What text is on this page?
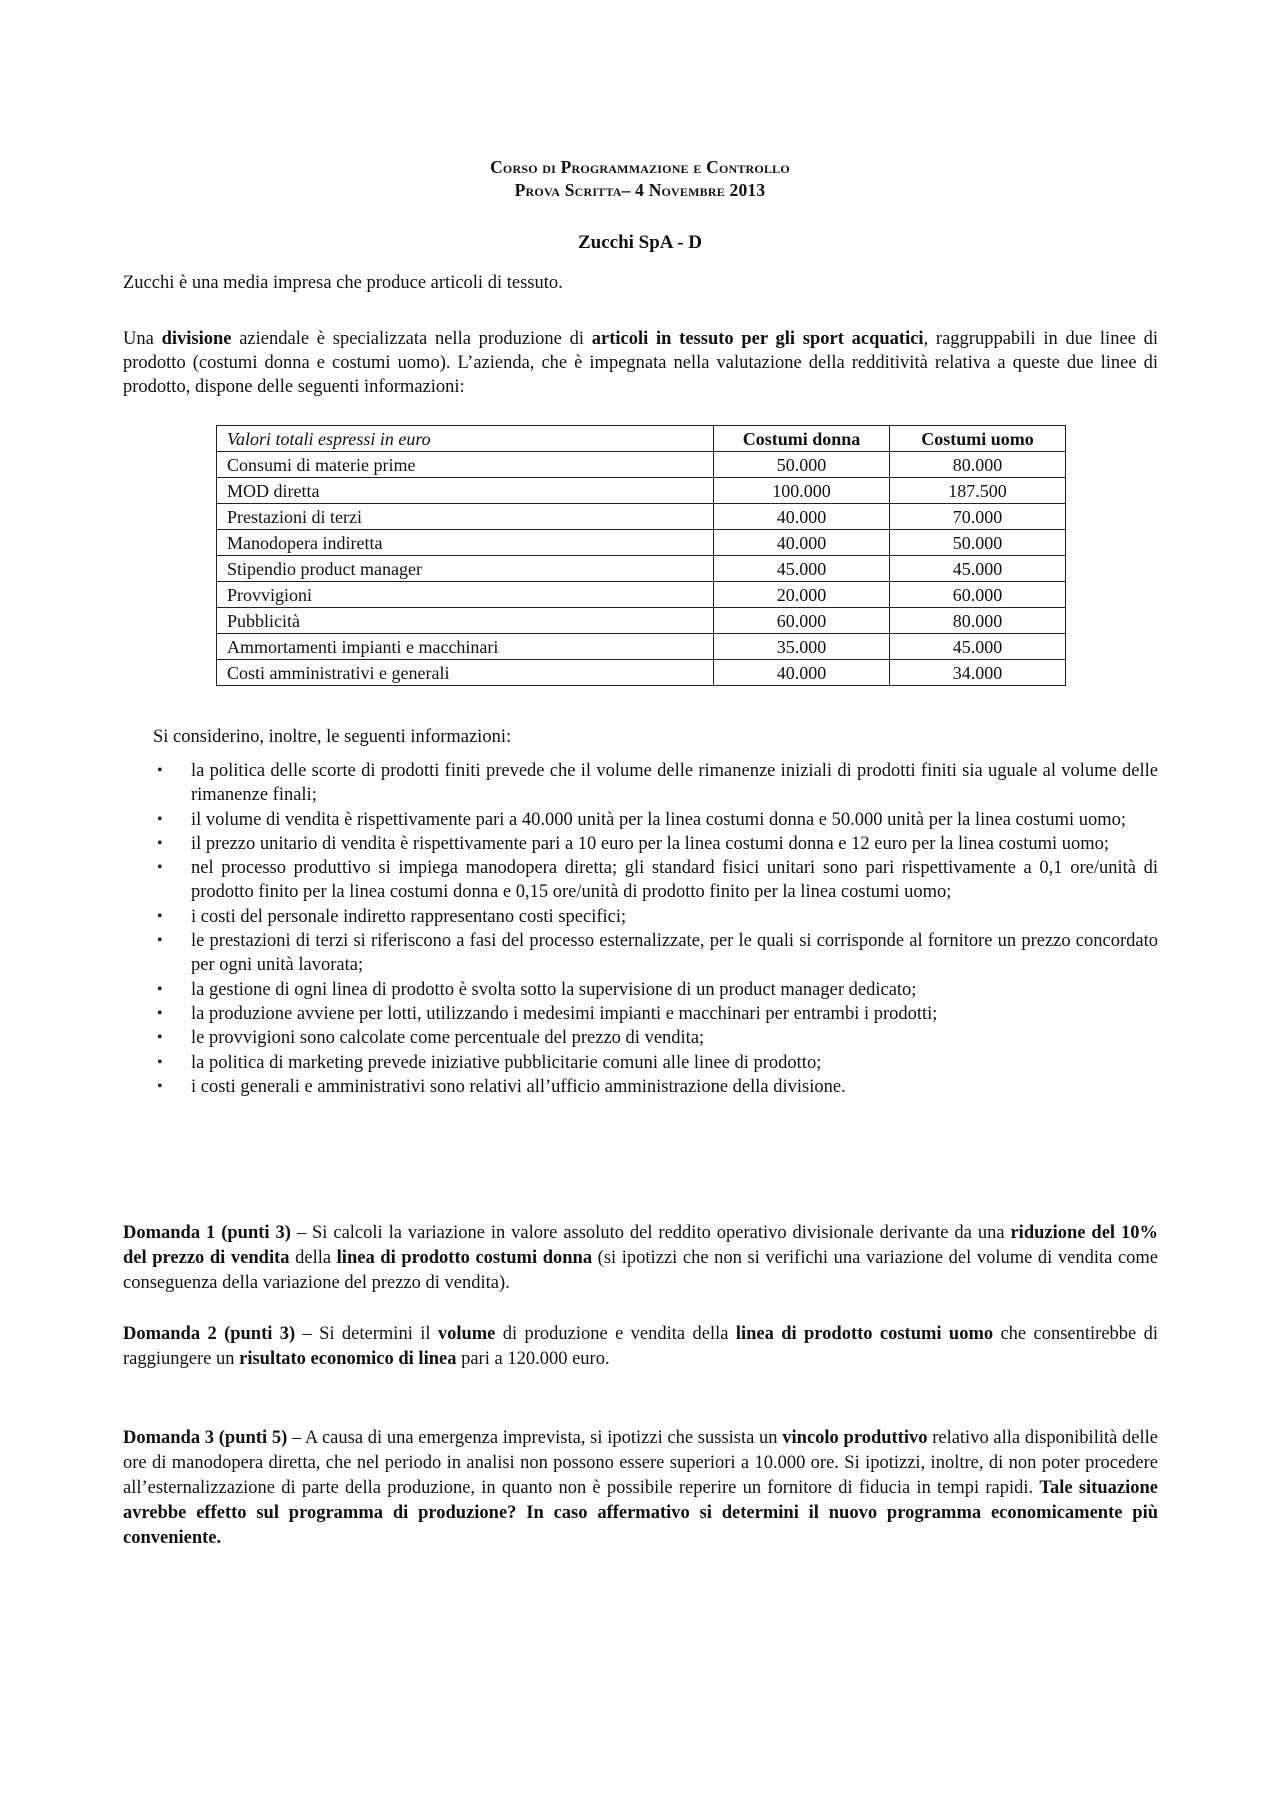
Corso di Programmazione e Controllo
Prova Scritta– 4 Novembre 2013
Zucchi SpA - D
Zucchi è una media impresa che produce articoli di tessuto.
Una divisione aziendale è specializzata nella produzione di articoli in tessuto per gli sport acquatici, raggruppabili in due linee di prodotto (costumi donna e costumi uomo). L’azienda, che è impegnata nella valutazione della redditività relativa a queste due linee di prodotto, dispone delle seguenti informazioni:
Valori totali espressi in euro	Costumi donna	Costumi uomo
Consumi di materie prime	50.000	80.000
MOD diretta	100.000	187.500
Prestazioni di terzi	40.000	70.000
Manodopera indiretta	40.000	50.000
Stipendio product manager	45.000	45.000
Provvigioni	20.000	60.000
Pubblicità	60.000	80.000
Ammortamenti impianti e macchinari	35.000	45.000
Costi amministrativi e generali	40.000	34.000
Si considerino, inoltre, le seguenti informazioni:
• la politica delle scorte di prodotti finiti prevede che il volume delle rimanenze iniziali di prodotti finiti sia uguale al volume delle rimanenze finali;
• il volume di vendita è rispettivamente pari a 40.000 unità per la linea costumi donna e 50.000 unità per la linea costumi uomo;
• il prezzo unitario di vendita è rispettivamente pari a 10 euro per la linea costumi donna e 12 euro per la linea costumi uomo;
• nel processo produttivo si impiega manodopera diretta; gli standard fisici unitari sono pari rispettivamente a 0,1 ore/unità di prodotto finito per la linea costumi donna e 0,15 ore/unità di prodotto finito per la linea costumi uomo;
• i costi del personale indiretto rappresentano costi specifici;
• le prestazioni di terzi si riferiscono a fasi del processo esternalizzate, per le quali si corrisponde al fornitore un prezzo concordato per ogni unità lavorata;
• la gestione di ogni linea di prodotto è svolta sotto la supervisione di un product manager dedicato;
• la produzione avviene per lotti, utilizzando i medesimi impianti e macchinari per entrambi i prodotti;
• le provvigioni sono calcolate come percentuale del prezzo di vendita;
• la politica di marketing prevede iniziative pubblicitarie comuni alle linee di prodotto;
• i costi generali e amministrativi sono relativi all’ufficio amministrazione della divisione.
Domanda 1 (punti 3) – Si calcoli la variazione in valore assoluto del reddito operativo divisionale derivante da una riduzione del 10% del prezzo di vendita della linea di prodotto costumi donna (si ipotizzi che non si verifichi una variazione del volume di vendita come conseguenza della variazione del prezzo di vendita).
Domanda 2 (punti 3) – Si determini il volume di produzione e vendita della linea di prodotto costumi uomo che consentirebbe di raggiungere un risultato economico di linea pari a 120.000 euro.
Domanda 3 (punti 5) – A causa di una emergenza imprevista, si ipotizzi che sussista un vincolo produttivo relativo alla disponibilità delle ore di manodopera diretta, che nel periodo in analisi non possono essere superiori a 10.000 ore. Si ipotizzi, inoltre, di non poter procedere all’esternalizzazione di parte della produzione, in quanto non è possibile reperire un fornitore di fiducia in tempi rapidi. Tale situazione avrebbe effetto sul programma di produzione? In caso affermativo si determini il nuovo programma economicamente più conveniente.
